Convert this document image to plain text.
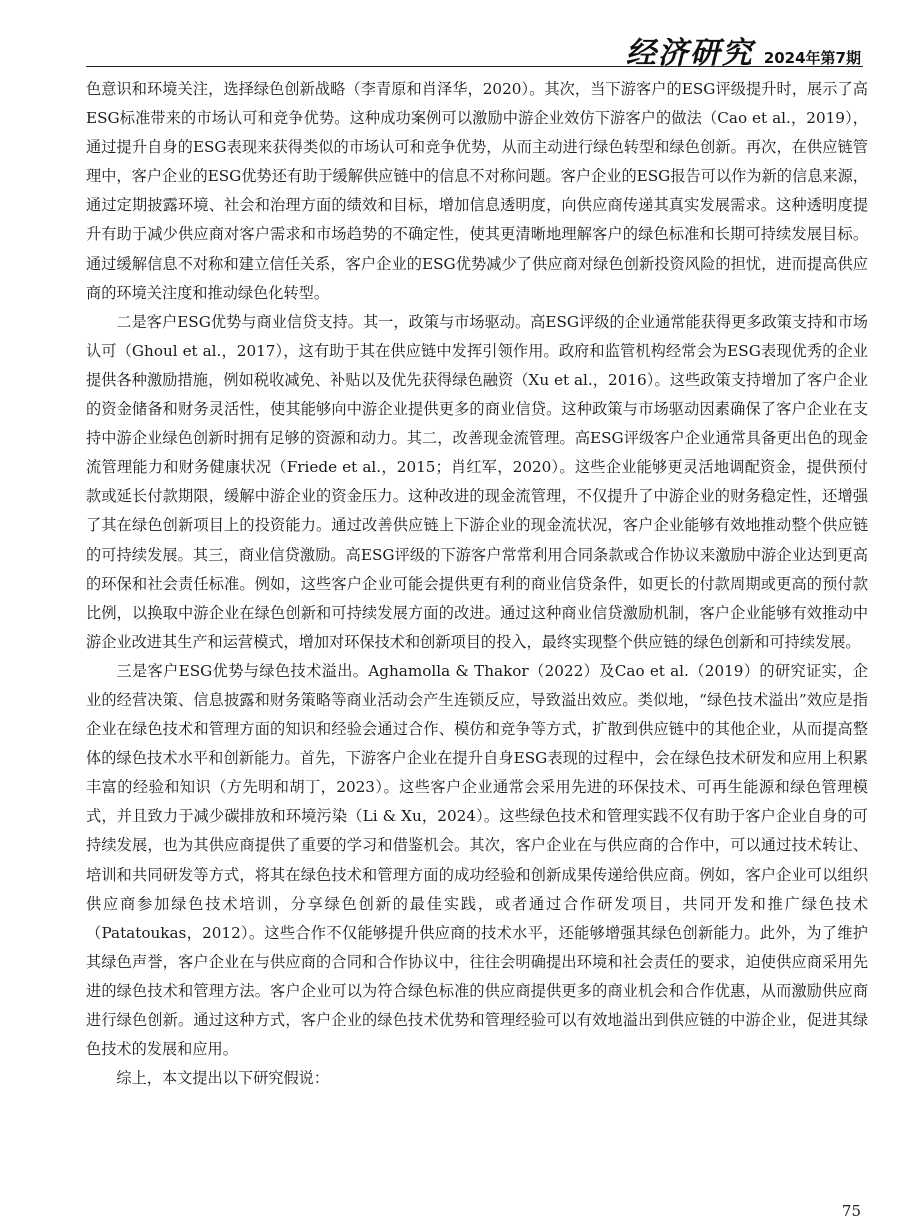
经济研究 2024年第7期

色意识和环境关注，选择绿色创新战略（李青原和肖泽华，2020）。其次，当下游客户的ESG评级提升时，展示了高ESG标准带来的市场认可和竞争优势。这种成功案例可以激励中游企业效仿下游客户的做法（Cao et al.，2019），通过提升自身的ESG表现来获得类似的市场认可和竞争优势，从而主动进行绿色转型和绿色创新。再次，在供应链管理中，客户企业的ESG优势还有助于缓解供应链中的信息不对称问题。客户企业的ESG报告可以作为新的信息来源，通过定期披露环境、社会和治理方面的绩效和目标，增加信息透明度，向供应商传递其真实发展需求。这种透明度提升有助于减少供应商对客户需求和市场趋势的不确定性，使其更清晰地理解客户的绿色标准和长期可持续发展目标。通过缓解信息不对称和建立信任关系，客户企业的ESG优势减少了供应商对绿色创新投资风险的担忧，进而提高供应商的环境关注度和推动绿色化转型。

二是客户ESG优势与商业信贷支持。其一，政策与市场驱动。高ESG评级的企业通常能获得更多政策支持和市场认可（Ghoul et al.，2017），这有助于其在供应链中发挥引领作用。政府和监管机构经常会为ESG表现优秀的企业提供各种激励措施，例如税收减免、补贴以及优先获得绿色融资（Xu et al.，2016）。这些政策支持增加了客户企业的资金储备和财务灵活性，使其能够向中游企业提供更多的商业信贷。这种政策与市场驱动因素确保了客户企业在支持中游企业绿色创新时拥有足够的资源和动力。其二，改善现金流管理。高ESG评级客户企业通常具备更出色的现金流管理能力和财务健康状况（Friede et al.，2015；肖红军，2020）。这些企业能够更灵活地调配资金，提供预付款或延长付款期限，缓解中游企业的资金压力。这种改进的现金流管理，不仅提升了中游企业的财务稳定性，还增强了其在绿色创新项目上的投资能力。通过改善供应链上下游企业的现金流状况，客户企业能够有效地推动整个供应链的可持续发展。其三，商业信贷激励。高ESG评级的下游客户常常利用合同条款或合作协议来激励中游企业达到更高的环保和社会责任标准。例如，这些客户企业可能会提供更有利的商业信贷条件，如更长的付款周期或更高的预付款比例，以换取中游企业在绿色创新和可持续发展方面的改进。通过这种商业信贷激励机制，客户企业能够有效推动中游企业改进其生产和运营模式，增加对环保技术和创新项目的投入，最终实现整个供应链的绿色创新和可持续发展。

三是客户ESG优势与绿色技术溢出。Aghamolla & Thakor（2022）及Cao et al.（2019）的研究证实，企业的经营决策、信息披露和财务策略等商业活动会产生连锁反应，导致溢出效应。类似地，“绿色技术溢出”效应是指企业在绿色技术和管理方面的知识和经验会通过合作、模仿和竞争等方式，扩散到供应链中的其他企业，从而提高整体的绿色技术水平和创新能力。首先，下游客户企业在提升自身ESG表现的过程中，会在绿色技术研发和应用上积累丰富的经验和知识（方先明和胡丁，2023）。这些客户企业通常会采用先进的环保技术、可再生能源和绿色管理模式，并且致力于减少碳排放和环境污染（Li & Xu，2024）。这些绿色技术和管理实践不仅有助于客户企业自身的可持续发展，也为其供应商提供了重要的学习和借鉴机会。其次，客户企业在与供应商的合作中，可以通过技术转让、培训和共同研发等方式，将其在绿色技术和管理方面的成功经验和创新成果传递给供应商。例如，客户企业可以组织供应商参加绿色技术培训，分享绿色创新的最佳实践，或者通过合作研发项目，共同开发和推广绿色技术（Patatoukas，2012）。这些合作不仅能够提升供应商的技术水平，还能够增强其绿色创新能力。此外，为了维护其绿色声誉，客户企业在与供应商的合同和合作协议中，往往会明确提出环境和社会责任的要求，迫使供应商采用先进的绿色技术和管理方法。客户企业可以为符合绿色标准的供应商提供更多的商业机会和合作优惠，从而激励供应商进行绿色创新。通过这种方式，客户企业的绿色技术优势和管理经验可以有效地溢出到供应链的中游企业，促进其绿色技术的发展和应用。

综上，本文提出以下研究假说：

75
